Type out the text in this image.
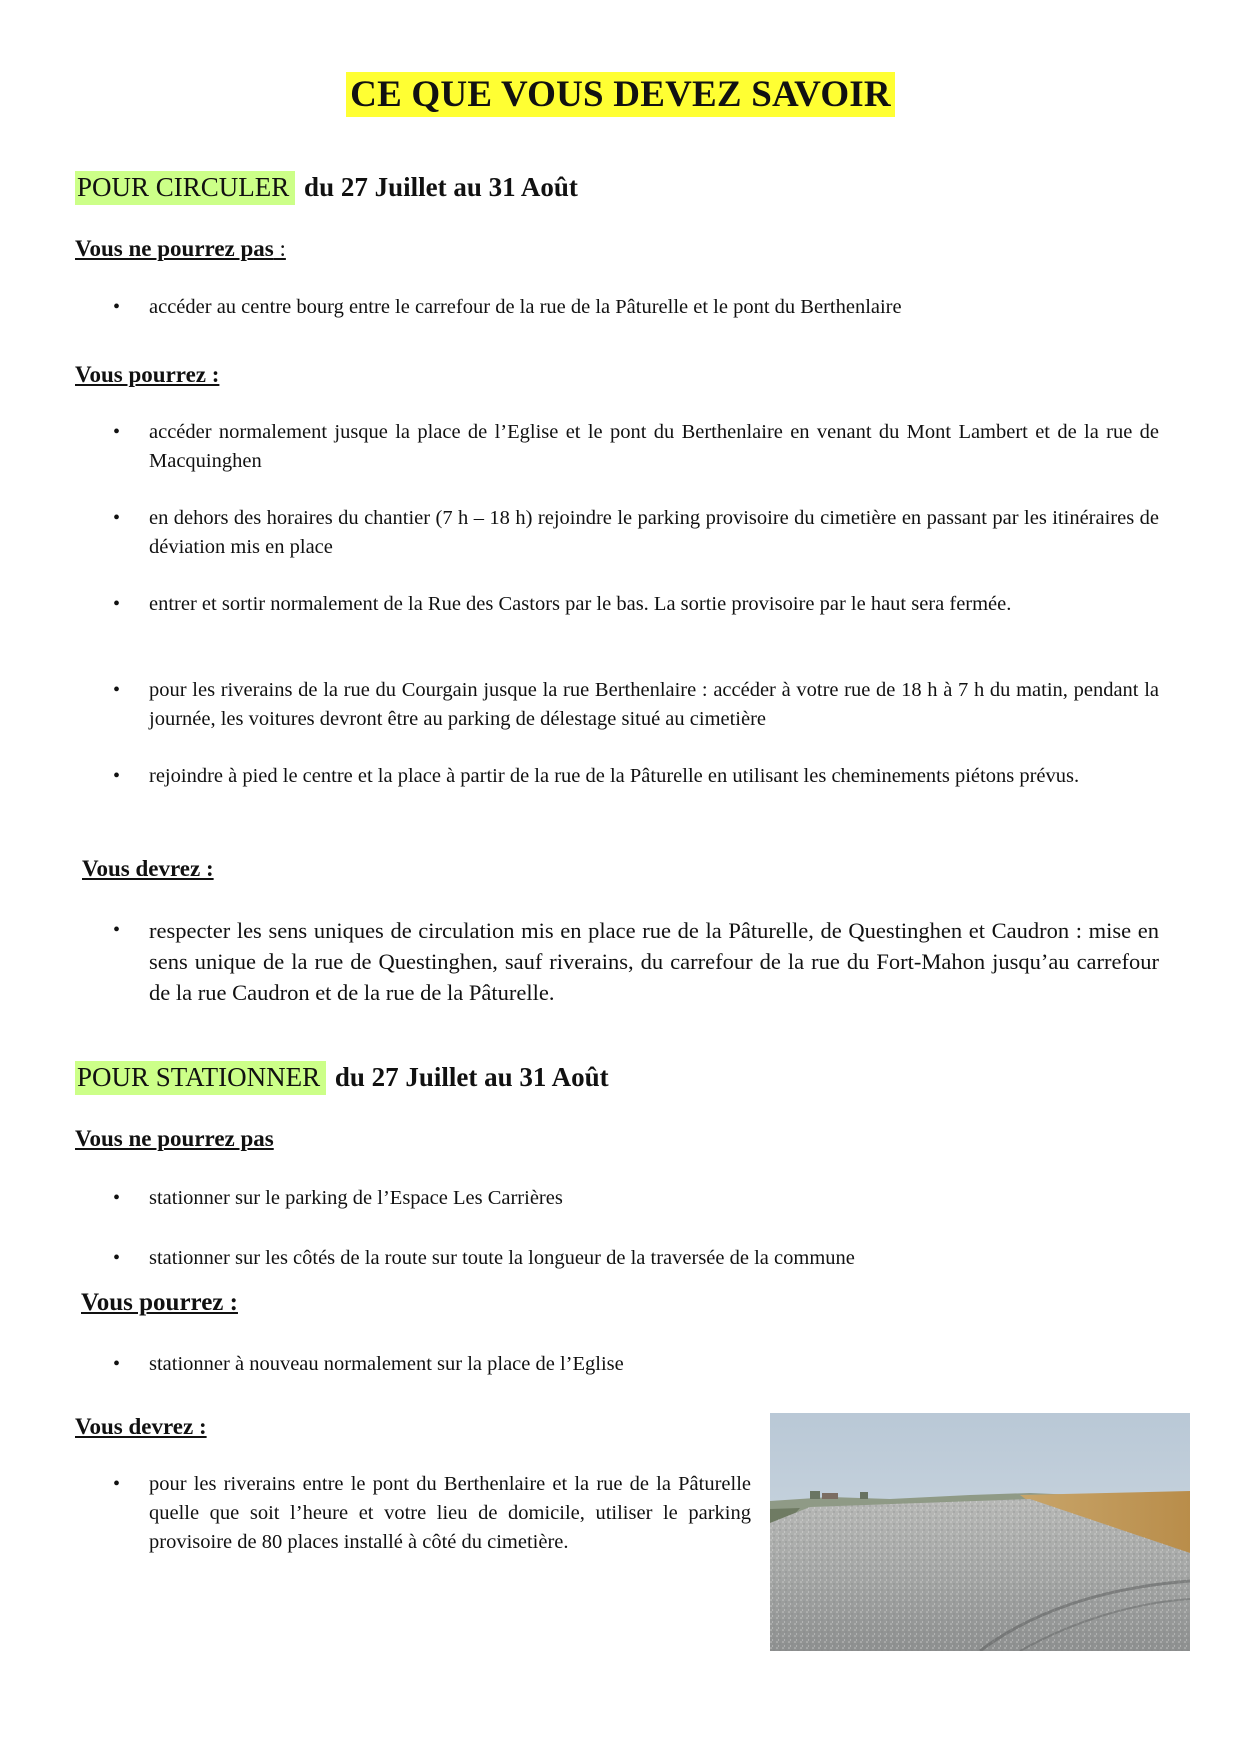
CE QUE VOUS DEVEZ SAVOIR
POUR CIRCULER du 27 Juillet au 31 Août
Vous ne pourrez pas :
• accéder au centre bourg entre le carrefour de la rue de la Pâturelle et le pont du Berthenlaire
Vous pourrez :
• accéder normalement jusque la place de l’Eglise et le pont du Berthenlaire en venant du Mont Lambert et de la rue de Macquinghen
• en dehors des horaires du chantier (7 h – 18 h) rejoindre le parking provisoire du cimetière en passant par les itinéraires de déviation mis en place
• entrer et sortir normalement de la Rue des Castors par le bas. La sortie provisoire par le haut sera fermée.
• pour les riverains de la rue du Courgain jusque la rue Berthenlaire : accéder à votre rue de 18 h à 7 h du matin, pendant la journée, les voitures devront être au parking de délestage situé au cimetière
• rejoindre à pied le centre et la place à partir de la rue de la Pâturelle en utilisant les cheminements piétons prévus.
Vous devrez :
• respecter les sens uniques de circulation mis en place rue de la Pâturelle, de Questinghen et Caudron : mise en sens unique de la rue de Questinghen, sauf riverains, du carrefour de la rue du Fort-Mahon jusqu’au carrefour de la rue Caudron et de la rue de la Pâturelle.
POUR STATIONNER du 27 Juillet au 31 Août
Vous ne pourrez pas
• stationner sur le parking de l’Espace Les Carrières
• stationner sur les côtés de la route sur toute la longueur de la traversée de la commune
Vous pourrez :
• stationner à nouveau normalement sur la place de l’Eglise
Vous devrez :
• pour les riverains entre le pont du Berthenlaire et la rue de la Pâturelle quelle que soit l’heure et votre lieu de domicile, utiliser le parking provisoire de 80 places installé à côté du cimetière.
